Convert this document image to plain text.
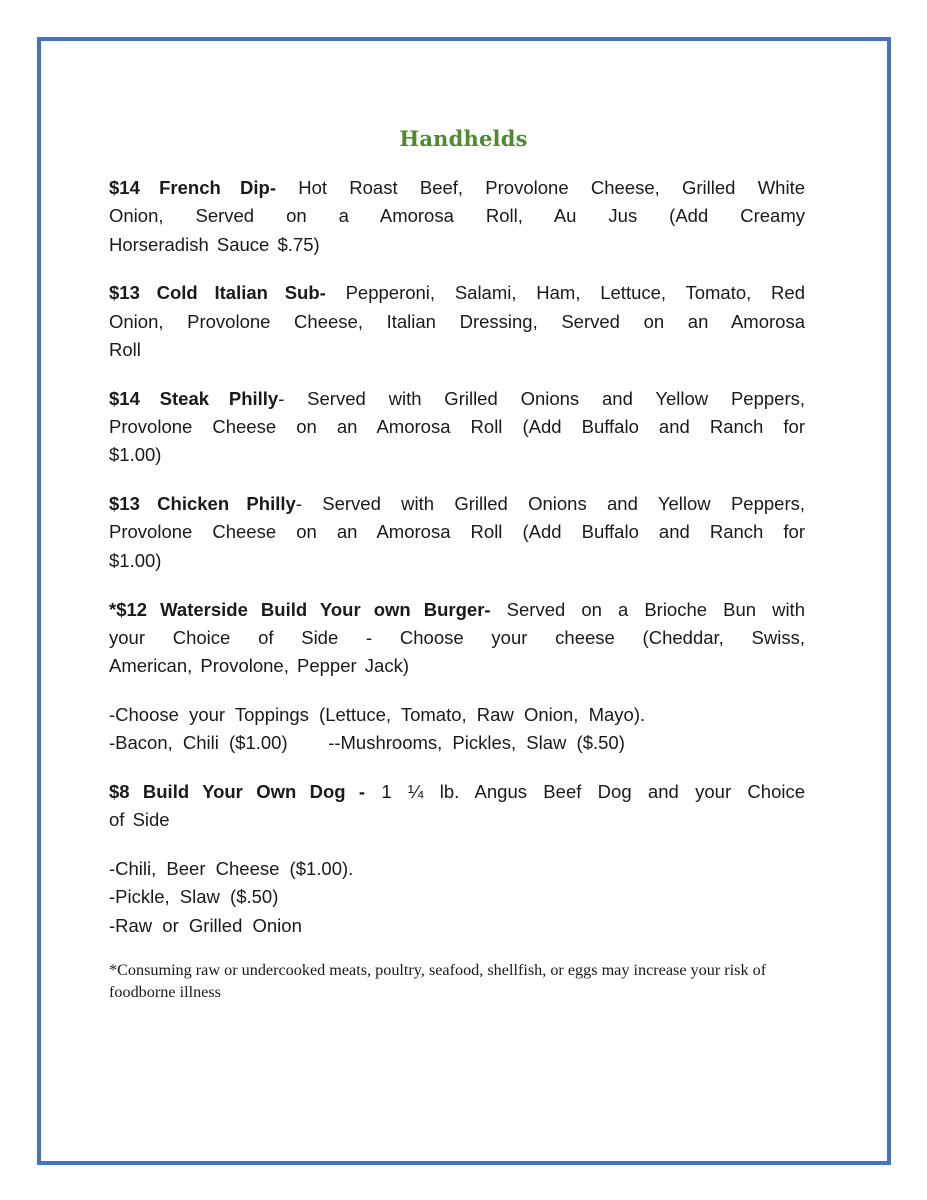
Handhelds
$14 French Dip- Hot Roast Beef, Provolone Cheese, Grilled White
Onion, Served on a Amorosa Roll, Au Jus (Add Creamy
Horseradish Sauce $.75)
$13 Cold Italian Sub- Pepperoni, Salami, Ham, Lettuce, Tomato, Red
Onion, Provolone Cheese, Italian Dressing, Served on an Amorosa
Roll
$14 Steak Philly- Served with Grilled Onions and Yellow Peppers,
Provolone Cheese on an Amorosa Roll (Add Buffalo and Ranch for
$1.00)
$13 Chicken Philly- Served with Grilled Onions and Yellow Peppers,
Provolone Cheese on an Amorosa Roll (Add Buffalo and Ranch for
$1.00)
*$12 Waterside Build Your own Burger- Served on a Brioche Bun with
your Choice of Side - Choose your cheese (Cheddar, Swiss,
American, Provolone, Pepper Jack)
-Choose your Toppings (Lettuce, Tomato, Raw Onion, Mayo).
-Bacon, Chili ($1.00)    --Mushrooms, Pickles, Slaw ($.50)
$8 Build Your Own Dog - 1 ¼ lb. Angus Beef Dog and your Choice
of Side
-Chili, Beer Cheese ($1.00).
-Pickle, Slaw ($.50)
-Raw or Grilled Onion
*Consuming raw or undercooked meats, poultry, seafood, shellfish, or eggs may increase your risk of foodborne illness
